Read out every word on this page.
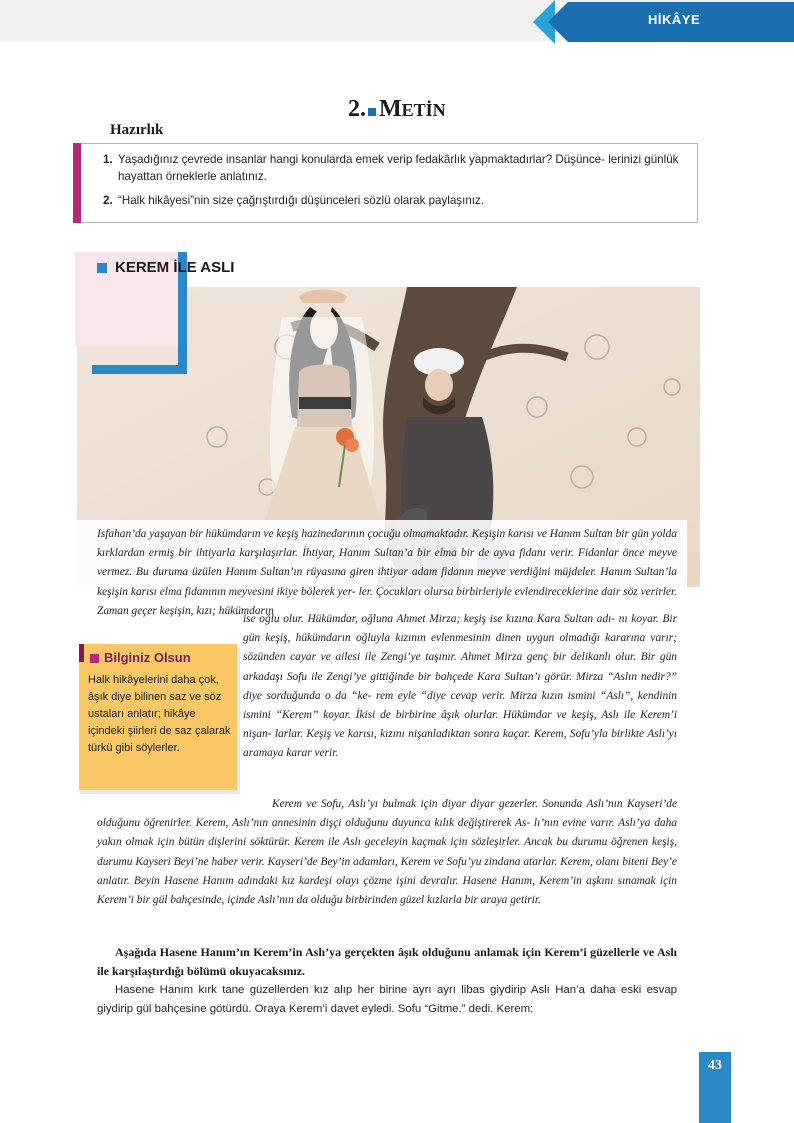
HİKÂYE
2. METİN
Hazırlık
1. Yaşadığınız çevrede insanlar hangi konularda emek verip fedakârlık yapmaktadırlar? Düşünce- lerinizi günlük hayattan örneklerle anlatınız.
2. “Halk hikâyesi”nin size çağrıştırdığı düşünceleri sözlü olarak paylaşınız.
KEREM İLE ASLI
Isfahan’da yaşayan bir hükümdarın ve keşiş hazinedarının çocuğu olmamaktadır. Keşişin karısı ve Hanım Sultan bir gün yolda kırklardan ermiş bir ihtiyarla karşılaşırlar. İhtiyar, Hanım Sultan’a bir elma bir de ayva fidanı verir. Fidanlar önce meyve vermez. Bu duruma üzülen Hanım Sultan’ın rüyasına giren ihtiyar adam fidanın meyve verdiğini müjdeler. Hanım Sultan’la keşişin karısı elma fidanının meyvesini ikiye bölerek yer- ler. Çocukları olursa birbirleriyle evlendireceklerine dair söz verirler. Zaman geçer keşişin, kızı; hükümdarın
ise oğlu olur. Hükümdar, oğluna Ahmet Mirza; keşiş ise kızına Kara Sultan adı- nı koyar. Bir gün keşiş, hükümdarın oğluyla kızının evlenmesinin dinen uygun olmadığı kararına varır; sözünden cayar ve ailesi ile Zengi’ye taşınır. Ahmet Mirza genç bir delikanlı olur. Bir gün arkadaşı Sofu ile Zengi’ye gittiğinde bir bahçede Kara Sultan’ı görür. Mirza “Aslın nedir?” diye sorduğunda o da “ke- rem eyle “diye cevap verir. Mirza kızın ismini “Aslı”, kendinin ismini “Kerem” koyar. İkisi de birbirine âşık olurlar. Hükümdar ve keşiş, Aslı ile Kerem’i nişan- larlar. Keşiş ve karısı, kızını nişanladıktan sonra kaçar. Kerem, Sofu’yla birlikte Aslı’yı aramaya karar verir.
Kerem ve Sofu, Aslı’yı bulmak için diyar diyar gezerler. Sonunda Aslı’nın Kayseri’de olduğunu öğrenirler. Kerem, Aslı’nın annesinin dişçi olduğunu duyunca kılık değiştirerek As- lı’nın evine varır. Aslı’ya daha yakın olmak için bütün dişlerini söktürür. Kerem ile Aslı geceleyin kaçmak için sözleşirler. Ancak bu durumu öğrenen keşiş, durumu Kayseri Beyi’ne haber verir. Kayseri’de Bey’in adamları, Kerem ve Sofu’yu zindana atarlar. Kerem, olanı biteni Bey’e anlatır. Beyin Hasene Hanım adındaki kız kardeşi olayı çözme işini devralır. Hasene Hanım, Kerem’in aşkını sınamak için Kerem’i bir gül bahçesinde, içinde Aslı’nın da olduğu birbirinden güzel kızlarla bir araya getirir.
Bilginiz Olsun
Halk hikâyelerini daha çok, âşık diye bilinen saz ve söz ustaları anlatır; hikâye içindeki şiirleri de saz çalarak türkü gibi söylerler.
Aşağıda Hasene Hanım’ın Kerem’in Aslı’ya gerçekten âşık olduğunu anlamak için Kerem’i güzellerle ve Aslı ile karşılaştırdığı bölümü okuyacaksınız.
Hasene Hanım kırk tane güzellerden kız alıp her birine ayrı ayrı libas giydirip Aslı Han’a daha eski esvap giydirip gül bahçesine götürdü. Oraya Kerem’i davet eyledi. Sofu “Gitme.” dedi. Kerem:
43
